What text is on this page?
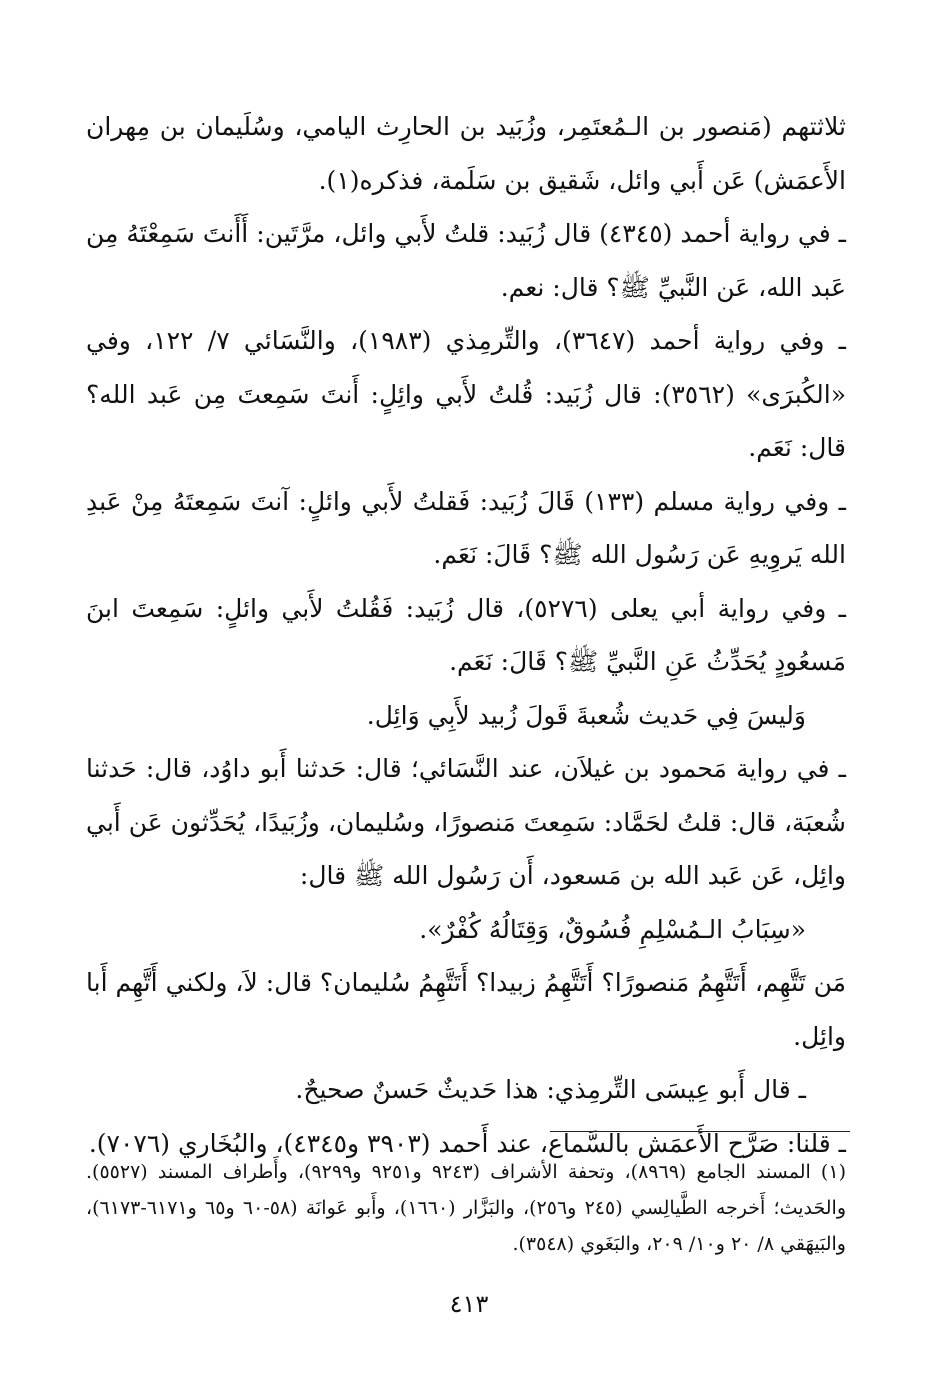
ثلاثتهم (مَنصور بن الـمُعتَمِر، وزُبَيد بن الحارِث اليامي، وسُلَيمان بن مِهران الأَعمَش) عَن أَبي وائل، شَقيق بن سَلَمة، فذكره(١).

ـ في رواية أحمد (٤٣٤٥) قال زُبَيد: قلتُ لأَبي وائل، مرَّتَين: أَأَنتَ سَمِعْتَهُ مِن عَبد الله، عَن النَّبيِّ ﷺ؟ قال: نعم.

ـ وفي رواية أحمد (٣٦٤٧)، والتِّرمِذي (١٩٨٣)، والنَّسَائي ٧/ ١٢٢، وفي «الكُبرَى» (٣٥٦٢): قال زُبَيد: قُلتُ لأَبي وائِلٍ: أَنتَ سَمِعتَ مِن عَبد الله؟ قال: نَعَم.

ـ وفي رواية مسلم (١٣٣) قَالَ زُبَيد: فَقلتُ لأَبي وائلٍ: آنتَ سَمِعتَهُ مِنْ عَبدِ الله يَروِيهِ عَن رَسُول الله ﷺ؟ قَالَ: نَعَم.

ـ وفي رواية أبي يعلى (٥٢٧٦)، قال زُبَيد: فَقُلتُ لأَبي وائلٍ: سَمِعتَ ابنَ مَسعُودٍ يُحَدِّثُ عَنِ النَّبيِّ ﷺ؟ قَالَ: نَعَم.

وَليسَ فِي حَديث شُعبةَ قَولَ زُبيد لأَبِي وَائِل.

ـ في رواية مَحمود بن غيلاَن، عند النَّسَائي؛ قال: حَدثنا أَبو داوُد، قال: حَدثنا شُعبَة، قال: قلتُ لحَمَّاد: سَمِعتَ مَنصورًا، وسُليمان، وزُبَيدًا، يُحَدِّثون عَن أَبي وائِل، عَن عَبد الله بن مَسعود، أَن رَسُول الله ﷺ قال:

«سِبَابُ الـمُسْلِمِ فُسُوقٌ، وَقِتَالُهُ كُفْرٌ».

مَن تَتَّهِم، أَتَتَّهِمُ مَنصورًا؟ أَتَتَّهِمُ زبيدا؟ أَتَتَّهِمُ سُليمان؟ قال: لاَ، ولكني أَتَّهِم أَبا وائِل.

ـ قال أَبو عِيسَى التِّرمِذي: هذا حَديثٌ حَسنٌ صحيحٌ.

ـ قلنا: صَرَّح الأَعمَش بالسَّماع، عند أَحمد (٣٩٠٣ و٤٣٤٥)، والبُخَاري (٧٠٧٦).

(١) المسند الجامع (٨٩٦٩)، وتحفة الأشراف (٩٢٤٣ و٩٢٥١ و٩٢٩٩)، وأَطراف المسند (٥٥٢٧). والحَديث؛ أَخرجه الطَّيالِسي (٢٤٥ و٢٥٦)، والبَزَّار (١٦٦٠)، وأَبو عَوانَة (٥٨-٦٠ و٦٥ و٦١٧١-٦١٧٣)، والبَيهَقي ٨/ ٢٠ و١٠/ ٢٠٩، والبَغَوي (٣٥٤٨).

٤١٣
